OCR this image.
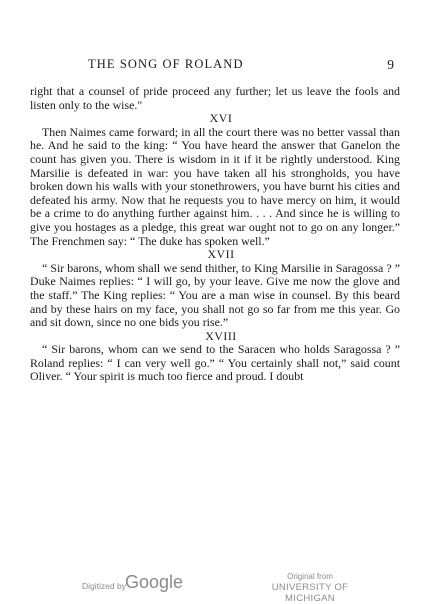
THE SONG OF ROLAND	9

right that a counsel of pride proceed any further; let us leave the fools and listen only to the wise."

XVI

Then Naimes came forward; in all the court there was no better vassal than he. And he said to the king: “ You have heard the answer that Ganelon the count has given you. There is wisdom in it if it be rightly understood. King Marsilie is defeated in war: you have taken all his strongholds, you have broken down his walls with your stonethrowers, you have burnt his cities and defeated his army. Now that he requests you to have mercy on him, it would be a crime to do anything further against him. . . . And since he is willing to give you hostages as a pledge, this great war ought not to go on any longer.” The Frenchmen say: “ The duke has spoken well.”

XVII

“ Sir barons, whom shall we send thither, to King Marsilie in Saragossa ? ” Duke Naimes replies: “ I will go, by your leave. Give me now the glove and the staff.” The King replies: “ You are a man wise in counsel. By this beard and by these hairs on my face, you shall not go so far from me this year. Go and sit down, since no one bids you rise.”

XVIII

“ Sir barons, whom can we send to the Saracen who holds Saragossa ? ” Roland replies: “ I can very well go.” “ You certainly shall not,” said count Oliver. “ Your spirit is much too fierce and proud. I doubt

Digitized by Google	Original from
UNIVERSITY OF MICHIGAN
